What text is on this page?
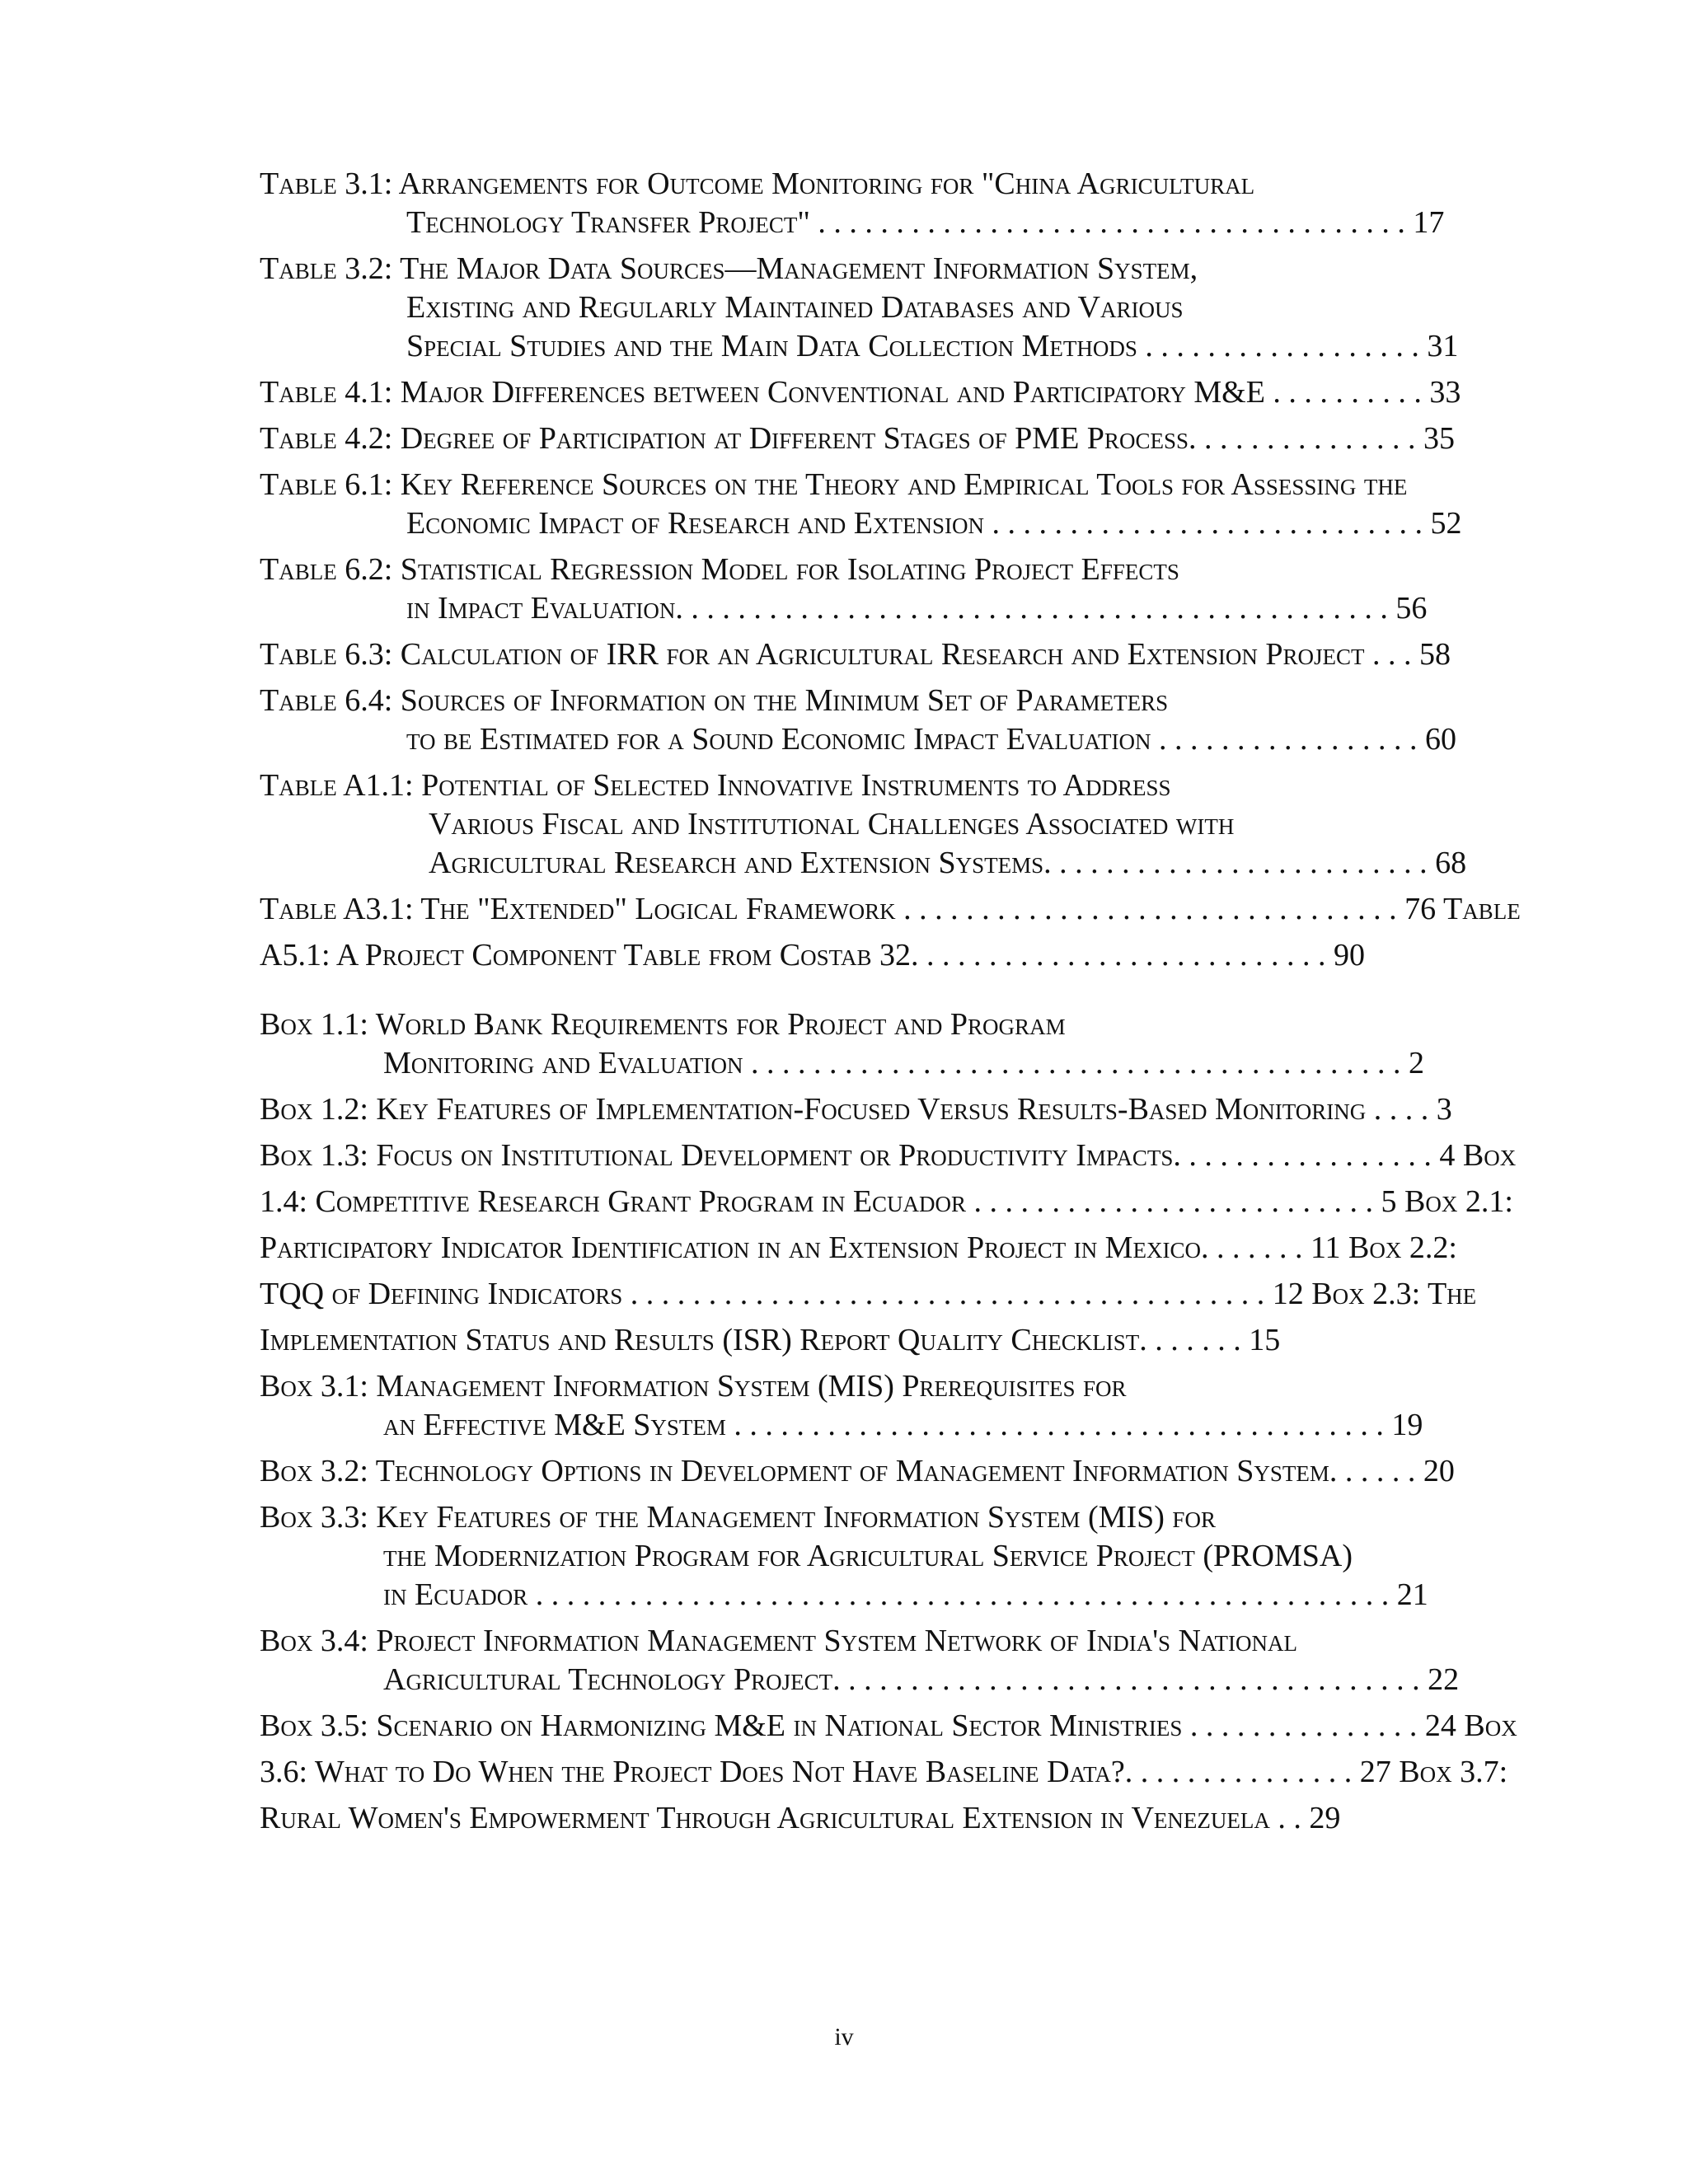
Table 3.1: Arrangements for Outcome Monitoring for "China Agricultural
Technology Transfer Project" . . . . . . . . . . . . . . . . . . . . . . . . . . . . . . . . . . . . . . 17
Table 3.2: The Major Data Sources—Management Information System,
Existing and Regularly Maintained Databases and Various
Special Studies and the Main Data Collection Methods . . . . . . . . . . . . . . . . . . 31
Table 4.1: Major Differences between Conventional and Participatory M&E . . . . . . . . . . 33
Table 4.2: Degree of Participation at Different Stages of PME Process. . . . . . . . . . . . . . . 35
Table 6.1: Key Reference Sources on the Theory and Empirical Tools for Assessing the
Economic Impact of Research and Extension . . . . . . . . . . . . . . . . . . . . . . . . . . . . 52
Table 6.2: Statistical Regression Model for Isolating Project Effects
in Impact Evaluation. . . . . . . . . . . . . . . . . . . . . . . . . . . . . . . . . . . . . . . . . . . . . . 56
Table 6.3: Calculation of IRR for an Agricultural Research and Extension Project . . . 58
Table 6.4: Sources of Information on the Minimum Set of Parameters
to be Estimated for a Sound Economic Impact Evaluation . . . . . . . . . . . . . . . . . 60
Table A1.1: Potential of Selected Innovative Instruments to Address
Various Fiscal and Institutional Challenges Associated with
Agricultural Research and Extension Systems. . . . . . . . . . . . . . . . . . . . . . . . . 68
Table A3.1: The "Extended" Logical Framework . . . . . . . . . . . . . . . . . . . . . . . . . . . . . . . . 76 Table
A5.1: A Project Component Table from Costab 32. . . . . . . . . . . . . . . . . . . . . . . . . . . 90
Box 1.1: World Bank Requirements for Project and Program
Monitoring and Evaluation . . . . . . . . . . . . . . . . . . . . . . . . . . . . . . . . . . . . . . . . . . 2
Box 1.2: Key Features of Implementation-Focused Versus Results-Based Monitoring . . . . 3
Box 1.3: Focus on Institutional Development or Productivity Impacts. . . . . . . . . . . . . . . . . 4 Box
1.4: Competitive Research Grant Program in Ecuador . . . . . . . . . . . . . . . . . . . . . . . . . . 5 Box 2.1:
Participatory Indicator Identification in an Extension Project in Mexico. . . . . . . 11 Box 2.2:
TQQ of Defining Indicators . . . . . . . . . . . . . . . . . . . . . . . . . . . . . . . . . . . . . . . . . 12 Box 2.3: The
Implementation Status and Results (ISR) Report Quality Checklist. . . . . . . 15
Box 3.1: Management Information System (MIS) Prerequisites for
an Effective M&E System . . . . . . . . . . . . . . . . . . . . . . . . . . . . . . . . . . . . . . . . . . 19
Box 3.2: Technology Options in Development of Management Information System. . . . . . 20
Box 3.3: Key Features of the Management Information System (MIS) for
the Modernization Program for Agricultural Service Project (PROMSA)
in Ecuador . . . . . . . . . . . . . . . . . . . . . . . . . . . . . . . . . . . . . . . . . . . . . . . . . . . . . . . 21
Box 3.4: Project Information Management System Network of India's National
Agricultural Technology Project. . . . . . . . . . . . . . . . . . . . . . . . . . . . . . . . . . . . . . 22
Box 3.5: Scenario on Harmonizing M&E in National Sector Ministries . . . . . . . . . . . . . . . 24 Box
3.6: What to Do When the Project Does Not Have Baseline Data?. . . . . . . . . . . . . . . 27 Box 3.7:
Rural Women's Empowerment Through Agricultural Extension in Venezuela . . 29
iv
